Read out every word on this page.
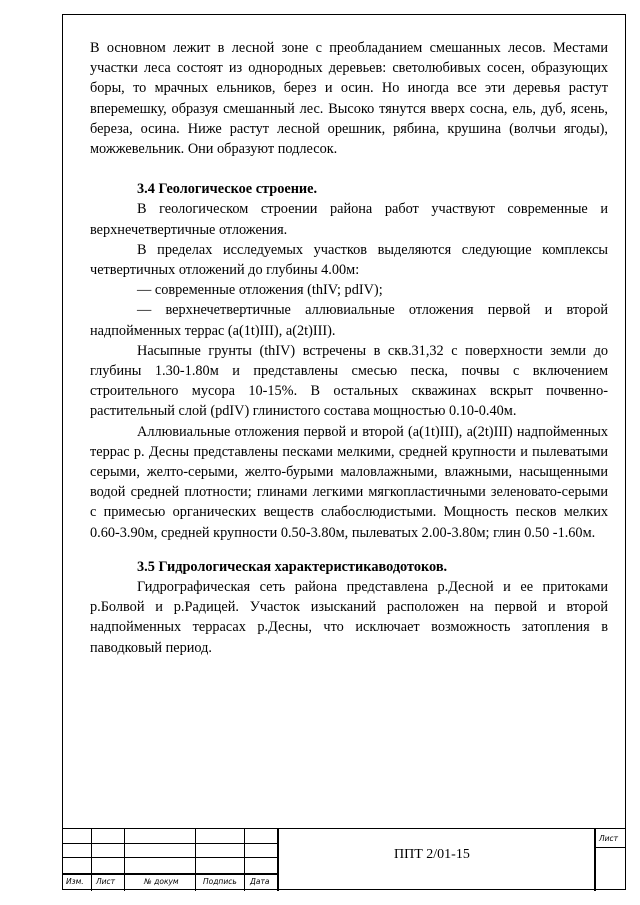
В основном лежит в лесной зоне с преобладанием смешанных лесов. Местами участки леса состоят из однородных деревьев: светолюбивых сосен, образующих боры, то мрачных ельников, берез и осин. Но иногда все эти деревья растут вперемешку, образуя смешанный лес. Высоко тянутся вверх сосна, ель, дуб, ясень, береза, осина. Ниже растут лесной орешник, рябина, крушина (волчьи ягоды), можжевельник. Они образуют подлесок.

3.4 Геологическое строение.

В геологическом строении района работ участвуют современные и верхнечетвертичные отложения.

В пределах исследуемых участков выделяются следующие комплексы четвертичных отложений до глубины 4.00м:

— современные отложения (thIV; pdIV);

— верхнечетвертичные аллювиальные отложения первой и второй надпойменных террас (a(1t)III), a(2t)III).

Насыпные грунты (thIV) встречены в скв.31,32 с поверхности земли до глубины 1.30-1.80м и представлены смесью песка, почвы с включением строительного мусора 10-15%. В остальных скважинах вскрыт почвенно-растительный слой (pdIV) глинистого состава мощностью 0.10-0.40м.

Аллювиальные отложения первой и второй (a(1t)III), a(2t)III) надпойменных террас р. Десны представлены песками мелкими, средней крупности и пылеватыми серыми, желто-серыми, желто-бурыми маловлажными, влажными, насыщенными водой средней плотности; глинами легкими мягкопластичными зеленовато-серыми с примесью органических веществ слабослюдистыми. Мощность песков мелких 0.60-3.90м, средней крупности 0.50-3.80м, пылеватых 2.00-3.80м; глин 0.50 -1.60м.

3.5 Гидрологическая характеристикаводотоков.

Гидрографическая сеть района представлена р.Десной и ее притоками р.Болвой и р.Радицей. Участок изысканий расположен на первой и второй надпойменных террасах р.Десны, что исключает возможность затопления в паводковый период.

Изм. Лист	№ докум	Подпись Дата
ППТ 2/01-15
Лист
